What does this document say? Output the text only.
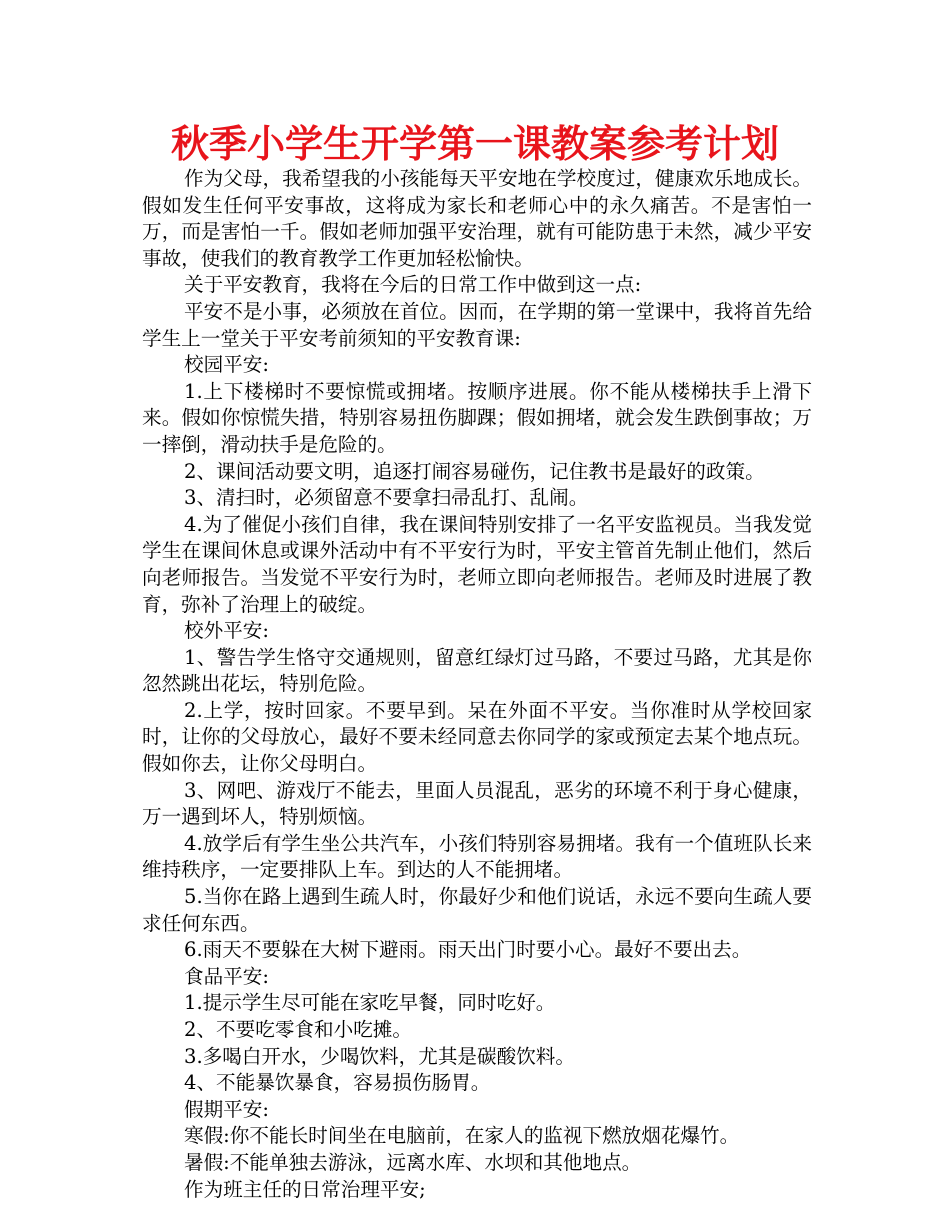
秋季小学生开学第一课教案参考计划

作为父母，我希望我的小孩能每天平安地在学校度过，健康欢乐地成长。假如发生任何平安事故，这将成为家长和老师心中的永久痛苦。不是害怕一万，而是害怕一千。假如老师加强平安治理，就有可能防患于未然，减少平安事故，使我们的教育教学工作更加轻松愉快。

关于平安教育，我将在今后的日常工作中做到这一点:

平安不是小事，必须放在首位。因而，在学期的第一堂课中，我将首先给学生上一堂关于平安考前须知的平安教育课:

校园平安:

1.上下楼梯时不要惊慌或拥堵。按顺序进展。你不能从楼梯扶手上滑下来。假如你惊慌失措，特别容易扭伤脚踝；假如拥堵，就会发生跌倒事故；万一摔倒，滑动扶手是危险的。

2、课间活动要文明，追逐打闹容易碰伤，记住教书是最好的政策。

3、清扫时，必须留意不要拿扫帚乱打、乱闹。

4.为了催促小孩们自律，我在课间特别安排了一名平安监视员。当我发觉学生在课间休息或课外活动中有不平安行为时，平安主管首先制止他们，然后向老师报告。当发觉不平安行为时，老师立即向老师报告。老师及时进展了教育，弥补了治理上的破绽。

校外平安:

1、警告学生恪守交通规则，留意红绿灯过马路，不要过马路，尤其是你忽然跳出花坛，特别危险。

2.上学，按时回家。不要早到。呆在外面不平安。当你准时从学校回家时，让你的父母放心，最好不要未经同意去你同学的家或预定去某个地点玩。假如你去，让你父母明白。

3、网吧、游戏厅不能去，里面人员混乱，恶劣的环境不利于身心健康，万一遇到坏人，特别烦恼。

4.放学后有学生坐公共汽车，小孩们特别容易拥堵。我有一个值班队长来维持秩序，一定要排队上车。到达的人不能拥堵。

5.当你在路上遇到生疏人时，你最好少和他们说话，永远不要向生疏人要求任何东西。

6.雨天不要躲在大树下避雨。雨天出门时要小心。最好不要出去。

食品平安:

1.提示学生尽可能在家吃早餐，同时吃好。

2、不要吃零食和小吃摊。

3.多喝白开水，少喝饮料，尤其是碳酸饮料。

4、不能暴饮暴食，容易损伤肠胃。

假期平安:

寒假:你不能长时间坐在电脑前，在家人的监视下燃放烟花爆竹。

暑假:不能单独去游泳，远离水库、水坝和其他地点。

作为班主任的日常治理平安;
